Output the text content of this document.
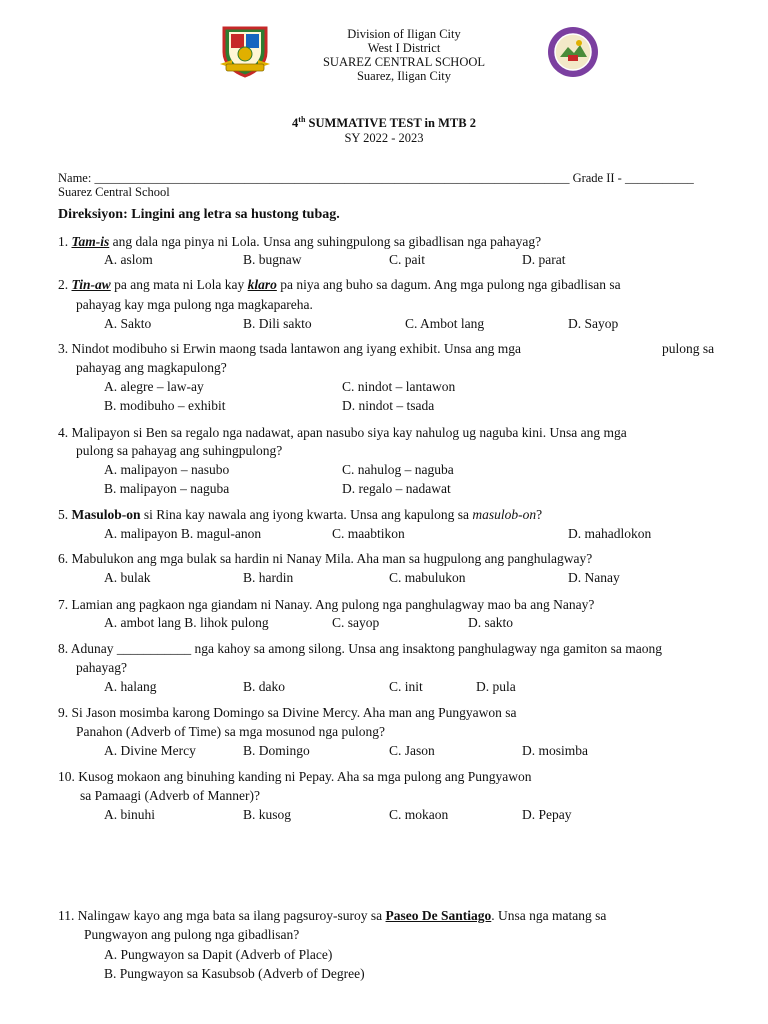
Division of Iligan City
West I District
SUAREZ CENTRAL SCHOOL
Suarez, Iligan City
4th SUMMATIVE TEST in MTB 2
SY 2022 - 2023
Name: ____________________________________________________________________________ Grade II - ___________
Suarez Central School
Direksiyon: Lingini ang letra sa hustong tubag.
1. Tam-is ang dala nga pinya ni Lola. Unsa ang suhingpulong sa gibadlisan nga pahayag?
A. aslom	B. bugnaw	C. pait	D. parat
2. Tin-aw pa ang mata ni Lola kay klaro pa niya ang buho sa dagum. Ang mga pulong nga gibadlisan sa
pahayag kay mga pulong nga magkapareha.
A. Sakto	B. Dili sakto	C. Ambot lang	D. Sayop
3. Nindot modibuho si Erwin maong tsada lantawon ang iyang exhibit. Unsa ang mga	pulong sa
pahayag ang magkapulong?
A. alegre – law-ay	C. nindot – lantawon
B. modibuho – exhibit	D. nindot – tsada
4. Malipayon si Ben sa regalo nga nadawat, apan nasubo siya kay nahulog ug naguba kini. Unsa ang mga
pulong sa pahayag ang suhingpulong?
A. malipayon – nasubo	C. nahulog – naguba
B. malipayon – naguba	D. regalo – nadawat
5. Masulob-on si Rina kay nawala ang iyong kwarta. Unsa ang kapulong sa masulob-on?
A. malipayon B. magul-anon	C. maabtikon	D. mahadlokon
6. Mabulukon ang mga bulak sa hardin ni Nanay Mila. Aha man sa hugpulong ang panghulagway?
A. bulak	B. hardin	C. mabulukon	D. Nanay
7. Lamian ang pagkaon nga giandam ni Nanay. Ang pulong nga panghulagway mao ba ang Nanay?
A. ambot lang B. lihok pulong	C. sayop	D. sakto
8. Adunay ___________ nga kahoy sa among silong. Unsa ang insaktong panghulagway nga gamiton sa maong
pahayag?
A. halang	B. dako	C. init	D. pula
9. Si Jason mosimba karong Domingo sa Divine Mercy. Aha man ang Pungyawon sa
Panahon (Adverb of Time) sa mga mosunod nga pulong?
A. Divine Mercy	B. Domingo	C. Jason	D. mosimba
10. Kusog mokaon ang binuhing kanding ni Pepay. Aha sa mga pulong ang Pungyawon
sa Pamaagi (Adverb of Manner)?
A. binuhi	B. kusog	C. mokaon	D. Pepay
11. Nalingaw kayo ang mga bata sa ilang pagsuroy-suroy sa Paseo De Santiago. Unsa nga matang sa
Pungwayon ang pulong nga gibadlisan?
A. Pungwayon sa Dapit (Adverb of Place)
B. Pungwayon sa Kasubsob (Adverb of Degree)
